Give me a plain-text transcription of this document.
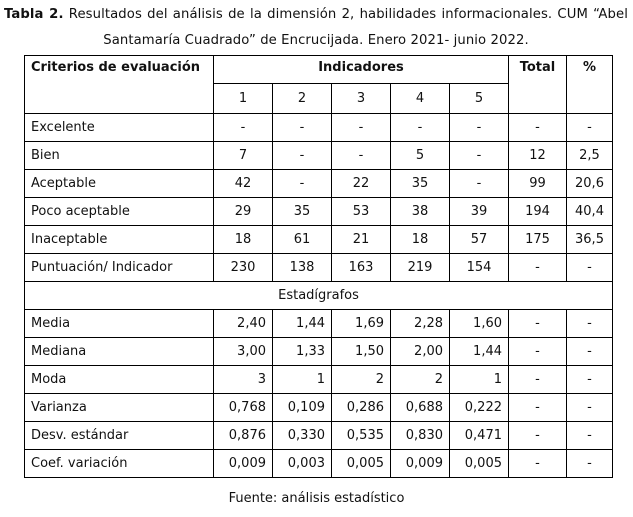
Tabla 2. Resultados del análisis de la dimensión 2, habilidades informacionales. CUM “Abel
Santamaría Cuadrado” de Encrucijada. Enero 2021- junio 2022.
Criterios de evaluación	Indicadores					Total	%
	1	2	3	4	5		
Excelente	-	-	-	-	-	-	-
Bien	7	-	-	5	-	12	2,5
Aceptable	42	-	22	35	-	99	20,6
Poco aceptable	29	35	53	38	39	194	40,4
Inaceptable	18	61	21	18	57	175	36,5
Puntuación/ Indicador	230	138	163	219	154	-	-
Estadígrafos							
Media	2,40	1,44	1,69	2,28	1,60	-	-
Mediana	3,00	1,33	1,50	2,00	1,44	-	-
Moda	3	1	2	2	1	-	-
Varianza	0,768	0,109	0,286	0,688	0,222	-	-
Desv. estándar	0,876	0,330	0,535	0,830	0,471	-	-
Coef. variación	0,009	0,003	0,005	0,009	0,005	-	-
Fuente: análisis estadístico
